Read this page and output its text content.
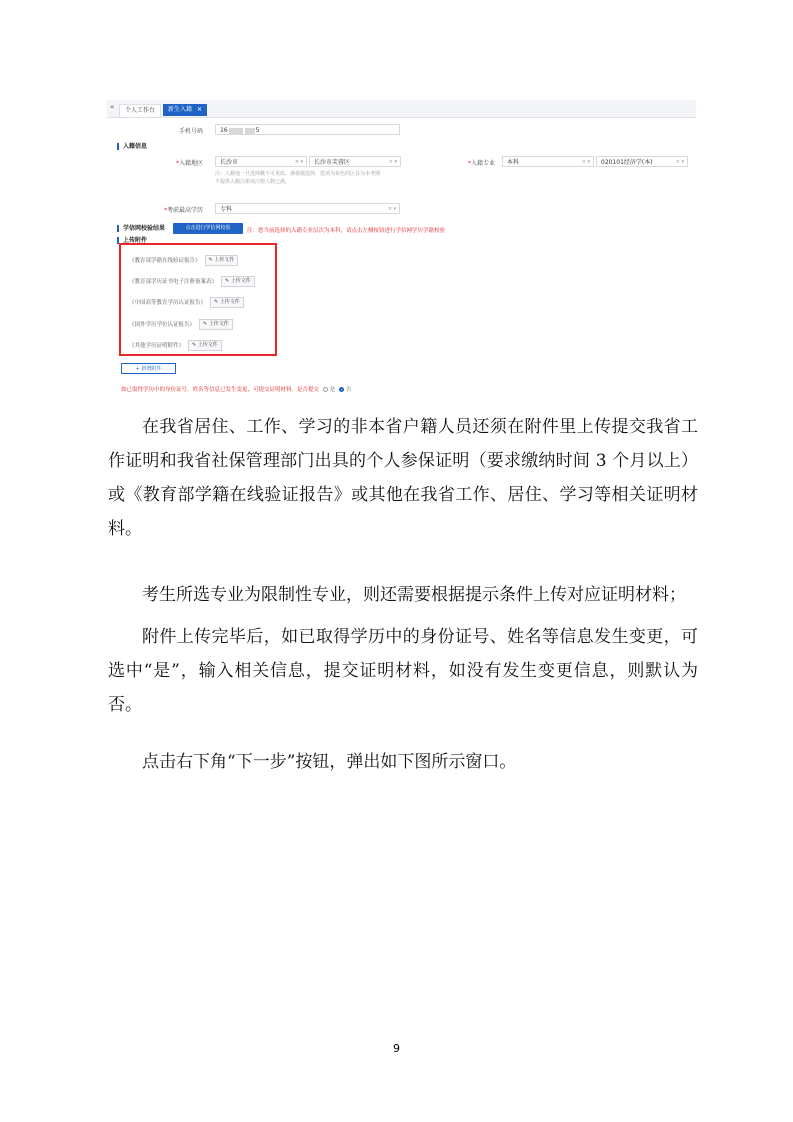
«	个人工作台	新生入籍 ✕
手机号码	16	5
入籍信息
*入籍地区	长沙市	× ▾	长沙市芙蓉区	× ▾
注：入籍地一旦选择概不可更改，谨慎慎选择，选项为灰色的区县为本考期
不提供入籍注册或注册人数已满。
*入籍专业	本科	× ▾	020101经济学(本)	× ▾
*考前最高学历	专科	× ▾
学信网校验结果	点击进行学信网校验	注：您当前选择的入籍专业层次为本科，请点击左侧按钮进行学信网学历学籍校验
上传附件
《教育部学籍在线验证报告》 ✎ 上传文件
《教育部学历证书电子注册备案表》 ✎ 上传文件
《中国高等教育学历认证报告》 ✎ 上传文件
《国外学历学位认证报告》 ✎ 上传文件
《其他学历证明附件》 ✎ 上传文件
+ 新增附件
如已取得学历中的身份证号、姓名等信息已发生变更，可提交证明材料。是否提交 是 否
在我省居住、工作、学习的非本省户籍人员还须在附件里上传提交我省工作证明和我省社保管理部门出具的个人参保证明（要求缴纳时间 3 个月以上）或《教育部学籍在线验证报告》或其他在我省工作、居住、学习等相关证明材料。
考生所选专业为限制性专业，则还需要根据提示条件上传对应证明材料；
附件上传完毕后，如已取得学历中的身份证号、姓名等信息发生变更，可选中“是”，输入相关信息，提交证明材料，如没有发生变更信息，则默认为否。
点击右下角“下一步”按钮，弹出如下图所示窗口。
9
